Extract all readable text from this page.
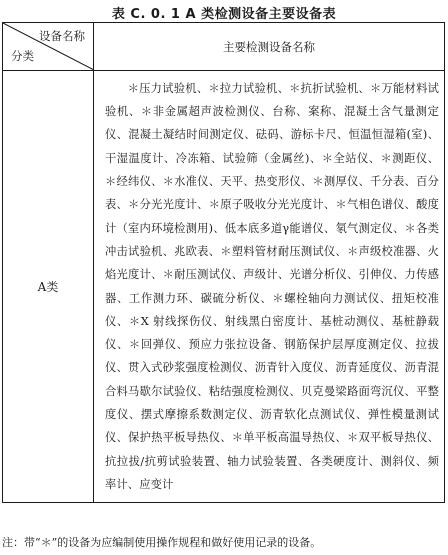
表 C. 0. 1 A 类检测设备主要设备表
设备名称
分类	主要检测设备名称
A类	＊压力试验机、＊拉力试验机、＊抗折试验机、＊万能材料试验机、＊非金属超声波检测仪、台称、案称、混凝土含气量测定仪、混凝土凝结时间测定仪、砝码、游标卡尺、恒温恒湿箱(室)、干湿温度计、冷冻箱、试验筛（金属丝)、＊全站仪、＊测距仪、＊经纬仪、＊水准仪、天平、热变形仪、＊测厚仪、千分表、百分表、＊分光光度计、＊原子吸收分光光度计、＊气相色谱仪、酸度计（室内环境检测用)、低本底多道γ能谱仪、氡气测定仪、＊各类冲击试验机、兆欧表、＊塑料管材耐压测试仪、＊声级校准器、火焰光度计、＊耐压测试仪、声级计、光谱分析仪、引伸仪、力传感器、工作测力环、碳硫分析仪、＊螺栓轴向力测试仪、扭矩校准仪、＊X 射线探伤仪、射线黑白密度计、基桩动测仪、基桩静载仪、＊回弹仪、预应力张拉设备、钢筋保护层厚度测定仪、拉拔仪、贯入式砂浆强度检测仪、沥青针入度仪、沥青延度仪、沥青混合料马歇尔试验仪、粘结强度检测仪、贝克曼梁路面弯沉仪、平整度仪、摆式摩擦系数测定仪、沥青软化点测试仪、弹性模量测试仪、保护热平板导热仪、＊单平板高温导热仪、＊双平板导热仪、抗拉拔/抗剪试验装置、轴力试验装置、各类硬度计、测斜仪、频率计、应变计
注：带“＊”的设备为应编制使用操作规程和做好使用记录的设备。
